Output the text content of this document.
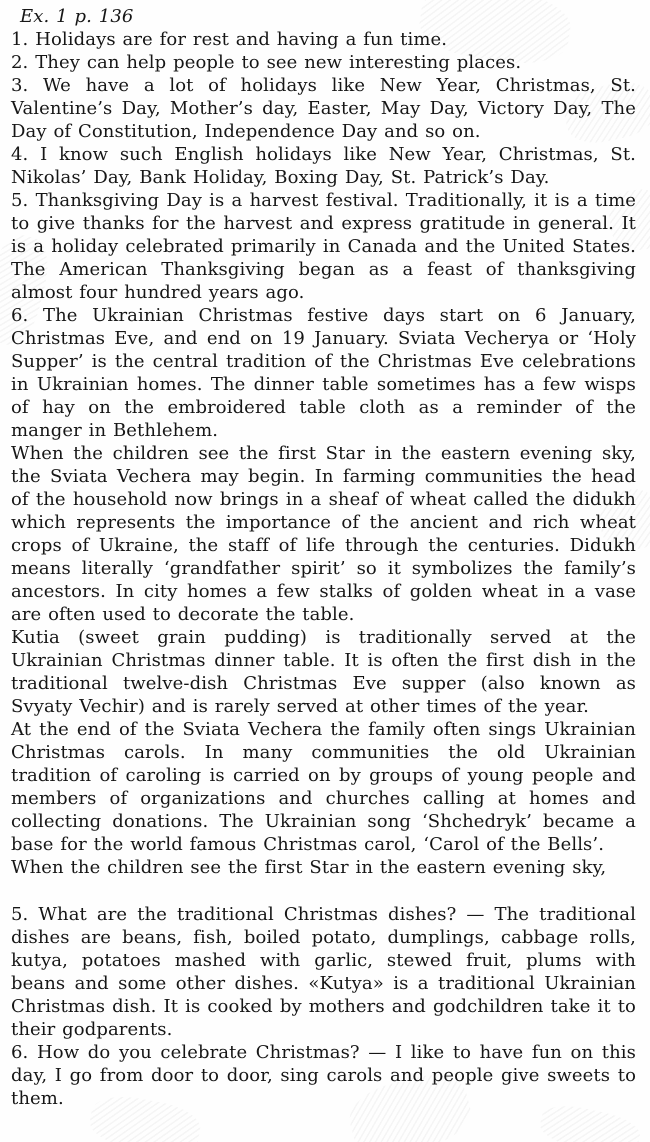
Ex. 1 p. 136

1. Holidays are for rest and having a fun time.

2. They can help people to see new interesting places.

3. We have a lot of holidays like New Year, Christmas, St. Valentine’s Day, Mother’s day, Easter, May Day, Victory Day, The Day of Constitution, Independence Day and so on.

4. I know such English holidays like New Year, Christmas, St. Nikolas’ Day, Bank Holiday, Boxing Day, St. Patrick’s Day.

5. Thanksgiving Day is a harvest festival. Traditionally, it is a time to give thanks for the harvest and express gratitude in general. It is a holiday celebrated primarily in Canada and the United States. The American Thanksgiving began as a feast of thanksgiving almost four hundred years ago.

6. The Ukrainian Christmas festive days start on 6 January, Christmas Eve, and end on 19 January. Sviata Vecherya or ‘Holy Supper’ is the central tradition of the Christmas Eve celebrations in Ukrainian homes. The dinner table sometimes has a few wisps of hay on the embroidered table cloth as a reminder of the manger in Bethlehem.

When the children see the first Star in the eastern evening sky, the Sviata Vechera may begin. In farming communities the head of the household now brings in a sheaf of wheat called the didukh which represents the importance of the ancient and rich wheat crops of Ukraine, the staff of life through the centuries. Didukh means literally ‘grandfather spirit’ so it symbolizes the family’s ancestors. In city homes a few stalks of golden wheat in a vase are often used to decorate the table.

Kutia (sweet grain pudding) is traditionally served at the Ukrainian Christmas dinner table. It is often the first dish in the traditional twelve-dish Christmas Eve supper (also known as Svyaty Vechir) and is rarely served at other times of the year.

At the end of the Sviata Vechera the family often sings Ukrainian Christmas carols. In many communities the old Ukrainian tradition of caroling is carried on by groups of young people and members of organizations and churches calling at homes and collecting donations. The Ukrainian song ‘Shchedryk’ became a base for the world famous Christmas carol, ‘Carol of the Bells’.

When the children see the first Star in the eastern evening sky,

5. What are the traditional Christmas dishes? — The traditional dishes are beans, fish, boiled potato, dumplings, cabbage rolls, kutya, potatoes mashed with garlic, stewed fruit, plums with beans and some other dishes. «Kutya» is a traditional Ukrainian Christmas dish. It is cooked by mothers and godchildren take it to their godparents.

6. How do you celebrate Christmas? — I like to have fun on this day, I go from door to door, sing carols and people give sweets to them.
